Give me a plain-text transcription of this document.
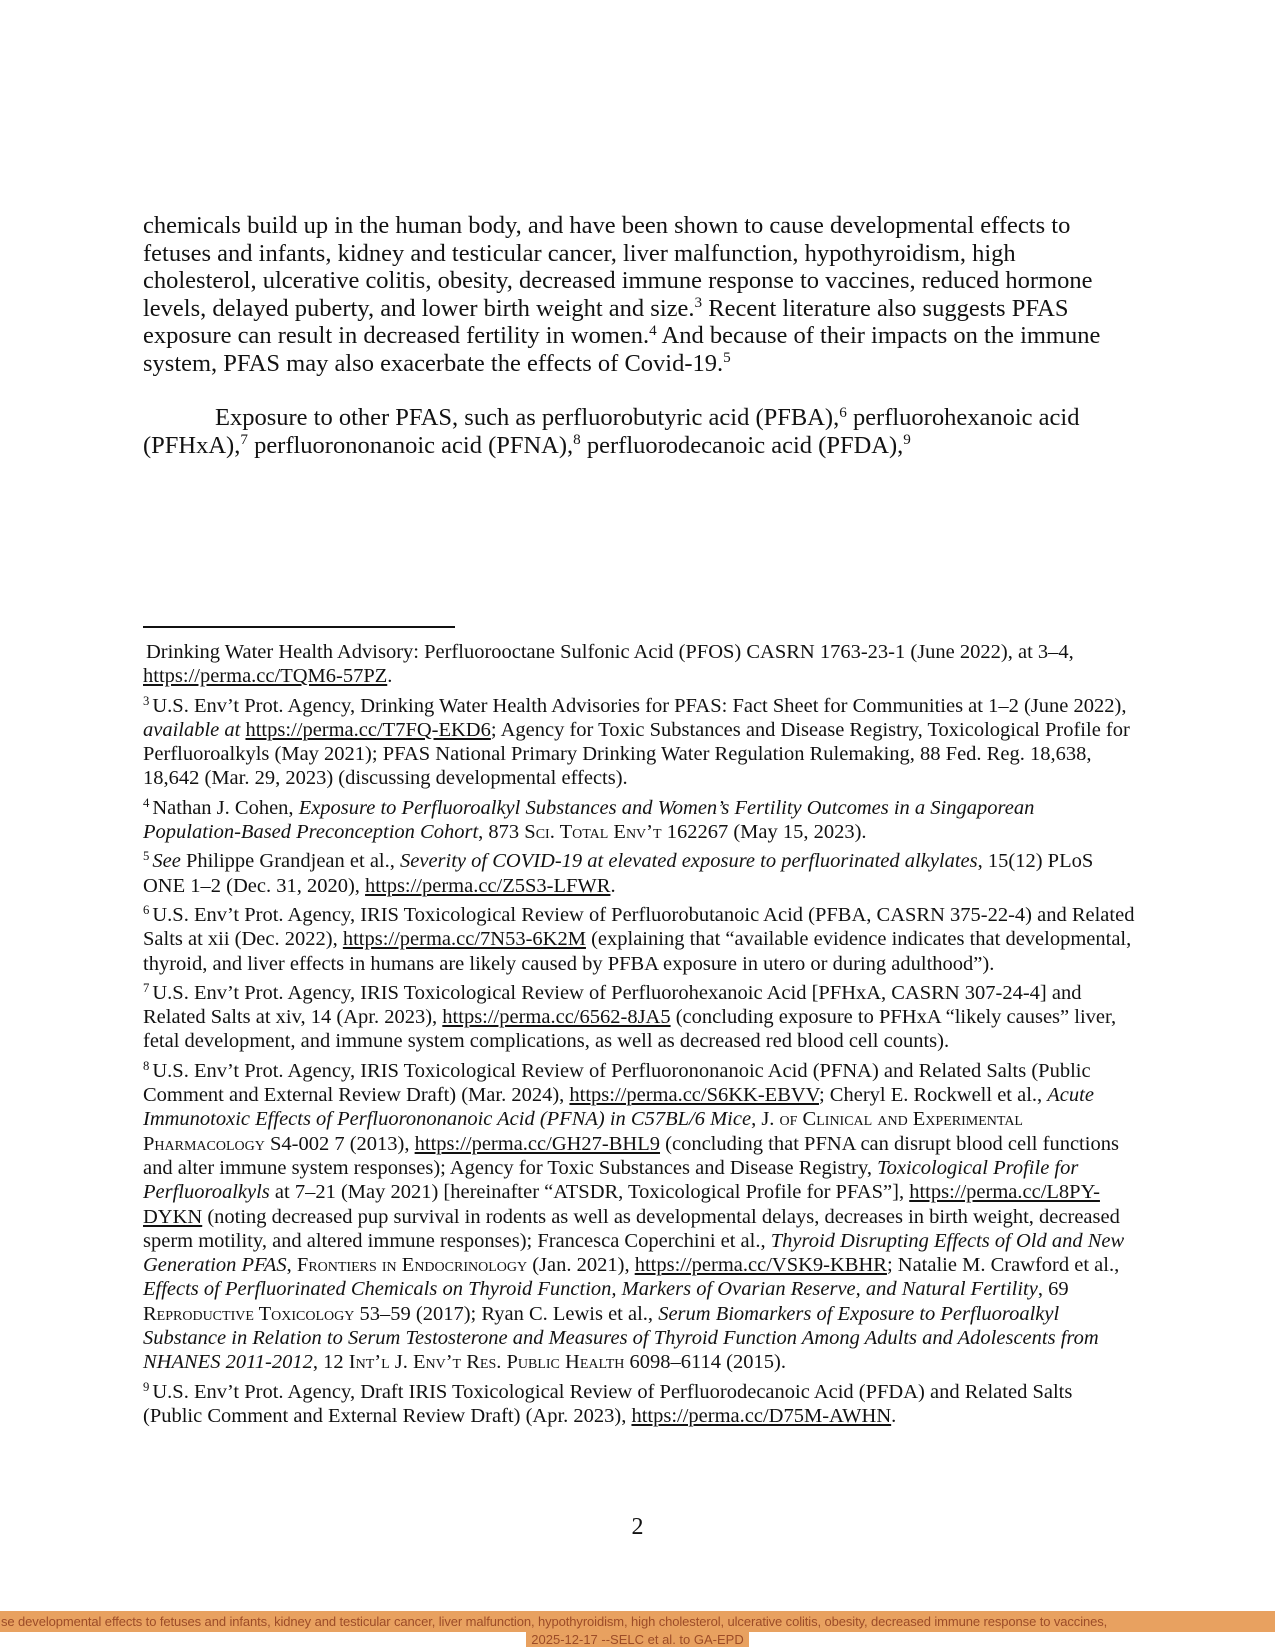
chemicals build up in the human body, and have been shown to cause developmental effects to fetuses and infants, kidney and testicular cancer, liver malfunction, hypothyroidism, high cholesterol, ulcerative colitis, obesity, decreased immune response to vaccines, reduced hormone levels, delayed puberty, and lower birth weight and size.$^3$ Recent literature also suggests PFAS exposure can result in decreased fertility in women.$^4$ And because of their impacts on the immune system, PFAS may also exacerbate the effects of Covid-19.$^5$
Exposure to other PFAS, such as perfluorobutyric acid (PFBA),$^6$ perfluorohexanoic acid (PFHxA),$^7$ perfluorononanoic acid (PFNA),$^8$ perfluorodecanoic acid (PFDA),$^9$
Drinking Water Health Advisory: Perfluorooctane Sulfonic Acid (PFOS) CASRN 1763-23-1 (June 2022), at 3–4, https://perma.cc/TQM6-57PZ.
$^3$ U.S. Env’t Prot. Agency, Drinking Water Health Advisories for PFAS: Fact Sheet for Communities at 1–2 (June 2022), available at https://perma.cc/T7FQ-EKD6; Agency for Toxic Substances and Disease Registry, Toxicological Profile for Perfluoroalkyls (May 2021); PFAS National Primary Drinking Water Regulation Rulemaking, 88 Fed. Reg. 18,638, 18,642 (Mar. 29, 2023) (discussing developmental effects).
$^4$ Nathan J. Cohen, Exposure to Perfluoroalkyl Substances and Women’s Fertility Outcomes in a Singaporean Population-Based Preconception Cohort, 873 Sci. Total Env’t 162267 (May 15, 2023).
$^5$ See Philippe Grandjean et al., Severity of COVID-19 at elevated exposure to perfluorinated alkylates, 15(12) PLoS ONE 1–2 (Dec. 31, 2020), https://perma.cc/Z5S3-LFWR.
$^6$ U.S. Env’t Prot. Agency, IRIS Toxicological Review of Perfluorobutanoic Acid (PFBA, CASRN 375-22-4) and Related Salts at xii (Dec. 2022), https://perma.cc/7N53-6K2M (explaining that “available evidence indicates that developmental, thyroid, and liver effects in humans are likely caused by PFBA exposure in utero or during adulthood”).
$^7$ U.S. Env’t Prot. Agency, IRIS Toxicological Review of Perfluorohexanoic Acid [PFHxA, CASRN 307-24-4] and Related Salts at xiv, 14 (Apr. 2023), https://perma.cc/6562-8JA5 (concluding exposure to PFHxA “likely causes” liver, fetal development, and immune system complications, as well as decreased red blood cell counts).
$^8$ U.S. Env’t Prot. Agency, IRIS Toxicological Review of Perfluorononanoic Acid (PFNA) and Related Salts (Public Comment and External Review Draft) (Mar. 2024), https://perma.cc/S6KK-EBVV; Cheryl E. Rockwell et al., Acute Immunotoxic Effects of Perfluorononanoic Acid (PFNA) in C57BL/6 Mice, J. of Clinical and Experimental Pharmacology S4-002 7 (2013), https://perma.cc/GH27-BHL9 (concluding that PFNA can disrupt blood cell functions and alter immune system responses); Agency for Toxic Substances and Disease Registry, Toxicological Profile for Perfluoroalkyls at 7–21 (May 2021) [hereinafter “ATSDR, Toxicological Profile for PFAS”], https://perma.cc/L8PY-DYKN (noting decreased pup survival in rodents as well as developmental delays, decreases in birth weight, decreased sperm motility, and altered immune responses); Francesca Coperchini et al., Thyroid Disrupting Effects of Old and New Generation PFAS, Frontiers in Endocrinology (Jan. 2021), https://perma.cc/VSK9-KBHR; Natalie M. Crawford et al., Effects of Perfluorinated Chemicals on Thyroid Function, Markers of Ovarian Reserve, and Natural Fertility, 69 Reproductive Toxicology 53–59 (2017); Ryan C. Lewis et al., Serum Biomarkers of Exposure to Perfluoroalkyl Substance in Relation to Serum Testosterone and Measures of Thyroid Function Among Adults and Adolescents from NHANES 2011-2012, 12 Int’l J. Env’t Res. Public Health 6098–6114 (2015).
$^9$ U.S. Env’t Prot. Agency, Draft IRIS Toxicological Review of Perfluorodecanoic Acid (PFDA) and Related Salts (Public Comment and External Review Draft) (Apr. 2023), https://perma.cc/D75M-AWHN.
2
se developmental effects to fetuses and infants, kidney and testicular cancer, liver malfunction, hypothyroidism, high cholesterol, ulcerative colitis, obesity, decreased immune response to vaccines,
2025-12-17 --SELC et al. to GA-EPD
